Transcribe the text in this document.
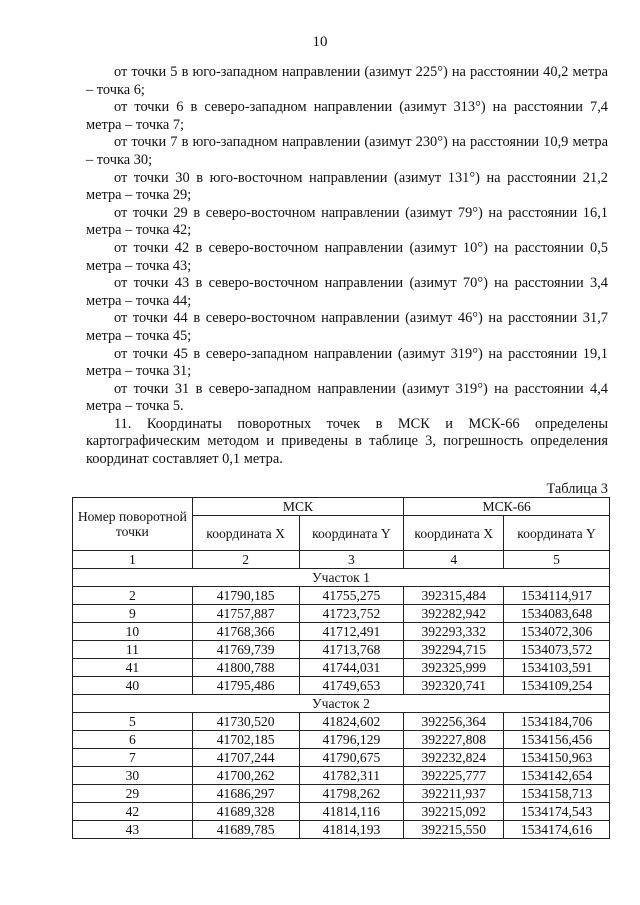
10

от точки 5 в юго-западном направлении (азимут 225°) на расстоянии 40,2 метра – точка 6;

от точки 6 в северо-западном направлении (азимут 313°) на расстоянии 7,4 метра – точка 7;

от точки 7 в юго-западном направлении (азимут 230°) на расстоянии 10,9 метра – точка 30;

от точки 30 в юго-восточном направлении (азимут 131°) на расстоянии 21,2 метра – точка 29;

от точки 29 в северо-восточном направлении (азимут 79°) на расстоянии 16,1 метра – точка 42;

от точки 42 в северо-восточном направлении (азимут 10°) на расстоянии 0,5 метра – точка 43;

от точки 43 в северо-восточном направлении (азимут 70°) на расстоянии 3,4 метра – точка 44;

от точки 44 в северо-восточном направлении (азимут 46°) на расстоянии 31,7 метра – точка 45;

от точки 45 в северо-западном направлении (азимут 319°) на расстоянии 19,1 метра – точка 31;

от точки 31 в северо-западном направлении (азимут 319°) на расстоянии 4,4 метра – точка 5.

11. Координаты поворотных точек в МСК и МСК-66 определены картографическим методом и приведены в таблице 3, погрешность определения координат составляет 0,1 метра.

Таблица 3
Номер поворотной точки	МСК		МСК-66	
	координата X	координата Y	координата X	координата Y
1	2	3	4	5
Участок 1				
2	41790,185	41755,275	392315,484	1534114,917
9	41757,887	41723,752	392282,942	1534083,648
10	41768,366	41712,491	392293,332	1534072,306
11	41769,739	41713,768	392294,715	1534073,572
41	41800,788	41744,031	392325,999	1534103,591
40	41795,486	41749,653	392320,741	1534109,254
Участок 2				
5	41730,520	41824,602	392256,364	1534184,706
6	41702,185	41796,129	392227,808	1534156,456
7	41707,244	41790,675	392232,824	1534150,963
30	41700,262	41782,311	392225,777	1534142,654
29	41686,297	41798,262	392211,937	1534158,713
42	41689,328	41814,116	392215,092	1534174,543
43	41689,785	41814,193	392215,550	1534174,616
